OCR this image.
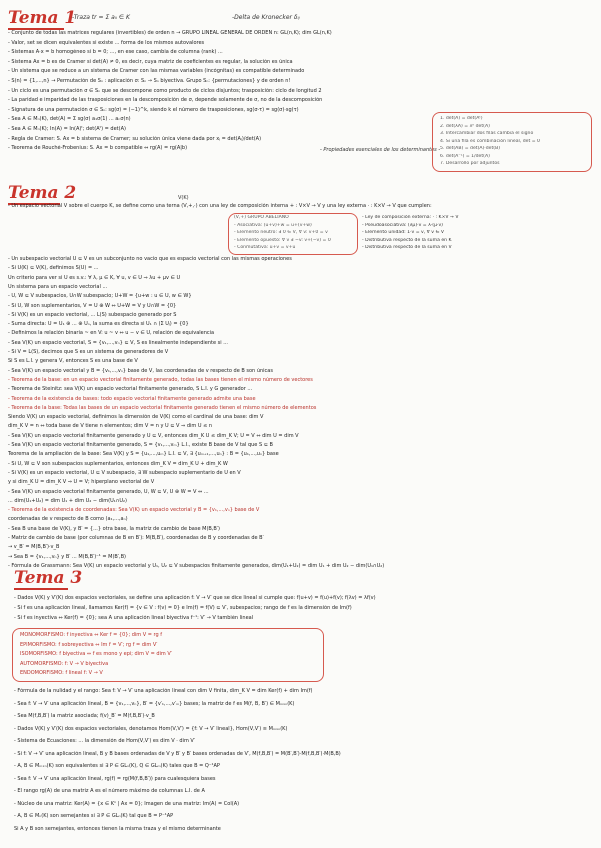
Tema 1
-Traza tr = Σ aᵢᵢ ∈ K	-Delta de Kronecker δᵢⱼ
- Conjunto de todas las matrices regulares (invertibles) de orden n → GRUPO LINEAL GENERAL DE ORDEN n: GL(n,K); dim GL(n,K)
- Valor, set se dicen equivalentes si existe ... forma de los mismos autovalores
- Sistemas A·x = b homogéneo si b = 0; ..., en ese caso, cambia de columna (rank) ...
- Sistema Ax = b es de Cramer si det(A) ≠ 0, es decir, cuya matriz de coeficientes es regular, la solución es única
- Un sistema que se reduce a un sistema de Cramer con las mismas variables (incógnitas) es compatible determinado
- S(n) = {1,...,n} → Permutación de Sₙ : aplicación σ: Sₙ → Sₙ biyectiva. Grupo Sₙ: {permutaciones} y de orden n!
- Un ciclo es una permutación σ ∈ Sₙ que se descompone como producto de ciclos disjuntos; trasposición: ciclo de longitud 2
- La paridad e imparidad de las trasposiciones en la descomposición de σ, depende solamente de σ, no de la descomposición
- Signatura de una permutación σ ∈ Sₙ: sg(σ) = (−1)^k, siendo k el número de trasposiciones, sg(σ·τ) = sg(σ)·sg(τ)
- Sea A ∈ Mₙ(K), det(A) = Σ sg(σ) a₁σ(1) ... aₙσ(n)
- Sea A ∈ Mₙ(K); In(A) = In(A)ᵗ; det(Aᵗ) = det(A)
- Regla de Cramer: S. Ax = b sistema de Cramer; su solución única viene dada por xⱼ = det(Aⱼ)/det(A)
- Teorema de Rouché-Frobenius: S. Ax = b compatible ⇔ rg(A) = rg(A|b)	- Propiedades esenciales de los determinantes -
1. det(A) = det(Aᵗ)
2. det(λA) = λⁿ det(A)
3. Intercambiar dos filas cambia el signo
4. Si una fila es combinación lineal, det = 0
5. det(AB) = det(A)·det(B)
6. det(A⁻¹) = 1/det(A)
7. Desarrollo por adjuntos
Tema 2	V(K)
- Un espacio vectorial V sobre el cuerpo K, se define como una terna (V,+,·) con una ley de composición interna + : V×V → V y una ley externa · : K×V → V que cumplen:
(V,+) GRUPO ABELIANO
- Asociativa: (u+v)+w = u+(v+w)
- Elemento neutro: ∃ 0 ∈ V, ∀ v: v+0 = v
- Elemento opuesto: ∀ v ∃ −v: v+(−v) = 0
- Conmutativa: u+v = v+u
- Ley de composición externa: · : K×V → V
- Pseudoasociativa: (λμ)·v = λ·(μ·v)
- Elemento unidad: 1·v = v, ∀ v ∈ V
- Distributiva respecto de la suma en K
- Distributiva respecto de la suma en V
- Un subespacio vectorial U ⊆ V es un subconjunto no vacío que es espacio vectorial con las mismas operaciones
- Si U(K) ⊆ V(K), definimos S(U) = ...
Un criterio para ver si U es s.v.: ∀ λ, μ ∈ K, ∀ u, v ∈ U ⇒ λu + μv ∈ U
Un sistema para un espacio vectorial ...
- U, W ⊆ V subespacios, U∩W subespacio; U+W = {u+w : u ∈ U, w ∈ W}
- Si U, W son suplementarios, V = U ⊕ W ⇔ U+W = V y U∩W = {0}
- Si V(K) es un espacio vectorial, ... L(S) subespacio generado por S
- Suma directa: U = U₁ ⊕ ... ⊕ Uₙ, la suma es directa si U₁ ∩ (Σ Uⱼ) = {0}
- Definimos la relación binaria ~ en V: u ~ v ⇔ u − v ∈ U, relación de equivalencia
- Sea V(K) un espacio vectorial, S = {v₁,...,vₙ} ⊆ V, S es linealmente independiente si ...
- Si V = L(S), decimos que S es un sistema de generadores de V
Si S es L.I. y genera V, entonces S es una base de V
- Sea V(K) un espacio vectorial y B = {v₁,...,vₙ} base de V, las coordenadas de v respecto de B son únicas
- Teorema de la base: en un espacio vectorial finitamente generado, todas las bases tienen el mismo número de vectores
- Teorema de Steinitz: sea V(K) un espacio vectorial finitamente generado, S L.I. y G generador ...
- Teorema de la existencia de bases: todo espacio vectorial finitamente generado admite una base
- Teorema de la base: Todas las bases de un espacio vectorial finitamente generado tienen el mismo número de elementos
Siendo V(K) un espacio vectorial, definimos la dimensión de V(K) como el cardinal de una base: dim V
dim_K V = n ⇔ toda base de V tiene n elementos; dim V = n y U ⊆ V ⇒ dim U ≤ n
- Sea V(K) un espacio vectorial finitamente generado y U ⊆ V, entonces dim_K U ≤ dim_K V; U = V ⇔ dim U = dim V
- Sea V(K) un espacio vectorial finitamente generado, S = {v₁,...,vₘ} L.I., existe B base de V tal que S ⊆ B
Teorema de la ampliación de la base: Sea V(K) y S = {u₁,...,uₘ} L.I. ⊆ V, ∃ {uₘ₊₁,...,uₙ} : B = {u₁,...,uₙ} base
- Si U, W ⊆ V son subespacios suplementarios, entonces dim_K V = dim_K U + dim_K W
- Si V(K) es un espacio vectorial, U ⊆ V subespacio, ∃ W subespacio suplementario de U en V
y si dim_K U = dim_K V ⇒ U = V; hiperplano vectorial de V
- Sea V(K) un espacio vectorial finitamente generado, U, W ⊆ V, U ⊕ W = V ⇔ ...
... dim(U₁+U₂) = dim U₁ + dim U₂ − dim(U₁∩U₂)
- Teorema de la existencia de coordenadas: Sea V(K) un espacio vectorial y B = {v₁,...,vₙ} base de V
coordenadas de v respecto de B como (a₁,...,aₙ)
- Sea B una base de V(K), y B′ = {...} otra base, la matriz de cambio de base M(B,B′)
- Matriz de cambio de base (por columnas de B en B′): M(B,B′), coordenadas de B y coordenadas de B′
→ v_B′ = M(B,B′)·v_B
→ Sea B = {v₁,...,vₙ} y B′ ... M(B,B′)⁻¹ = M(B′,B)
- Fórmula de Grassmann: Sea V(K) un espacio vectorial y U₁, U₂ ⊆ V subespacios finitamente generados, dim(U₁+U₂) = dim U₁ + dim U₂ − dim(U₁∩U₂)
Tema 3
- Dados V(K) y V′(K) dos espacios vectoriales, se define una aplicación f: V → V′ que se dice lineal si cumple que: f(u+v) = f(u)+f(v); f(λv) = λf(v)
- Si f es una aplicación lineal, llamamos Ker(f) = {v ∈ V : f(v) = 0} e Im(f) = f(V) ⊆ V′, subespacios; rango de f es la dimensión de Im(f)
- Si f es inyectiva ⇔ Ker(f) = {0}; sea A una aplicación lineal biyectiva f⁻¹: V′ → V también lineal
MONOMORFISMO: f inyectiva ⇔ Ker f = {0}; dim V = rg f
EPIMORFISMO: f sobreyectiva ⇔ Im f = V′; rg f = dim V′
ISOMORFISMO: f biyectiva ⇔ f es mono y epi; dim V = dim V′
AUTOMORFISMO: f: V → V biyectiva
ENDOMORFISMO: f lineal f: V → V
- Fórmula de la nulidad y el rango: Sea f: V → V′ una aplicación lineal con dim V finita, dim_K V = dim Ker(f) + dim Im(f)
- Sea f: V → V′ una aplicación lineal, B = {v₁,...,vₙ}, B′ = {v′₁,...,v′ₘ} bases; la matriz de f es M(f, B, B′) ∈ Mₘₓₙ(K)
- Sea M(f,B,B′) la matriz asociada; f(v)_B′ = M(f,B,B′)·v_B
- Dados V(K) y V′(K) dos espacios vectoriales, denotamos Hom(V,V′) = {f: V → V′ lineal}, Hom(V,V′) ≅ Mₘₓₙ(K)
- Sistema de Ecuaciones: ... la dimensión de Hom(V,V′) es dim V · dim V′
- Si f: V → V′ una aplicación lineal, B y B̄ bases ordenadas de V y B′ y B̄′ bases ordenadas de V′, M(f,B̄,B̄′) = M(B′,B̄′)·M(f,B,B′)·M(B̄,B)
- A, B ∈ Mₘₓₙ(K) son equivalentes si ∃ P ∈ GLₙ(K), Q ∈ GLₘ(K) tales que B = Q⁻¹AP
- Sea f: V → V′ una aplicación lineal, rg(f) = rg(M(f,B,B′)) para cualesquiera bases
- El rango rg(A) de una matriz A es el número máximo de columnas L.I. de A
- Núcleo de una matriz: Ker(A) = {x ∈ Kⁿ | Ax = 0}; Imagen de una matriz: Im(A) = Col(A)
- A, B ∈ Mₙ(K) son semejantes si ∃ P ∈ GLₙ(K) tal que B = P⁻¹AP
Si A y B son semejantes, entonces tienen la misma traza y el mismo determinante
